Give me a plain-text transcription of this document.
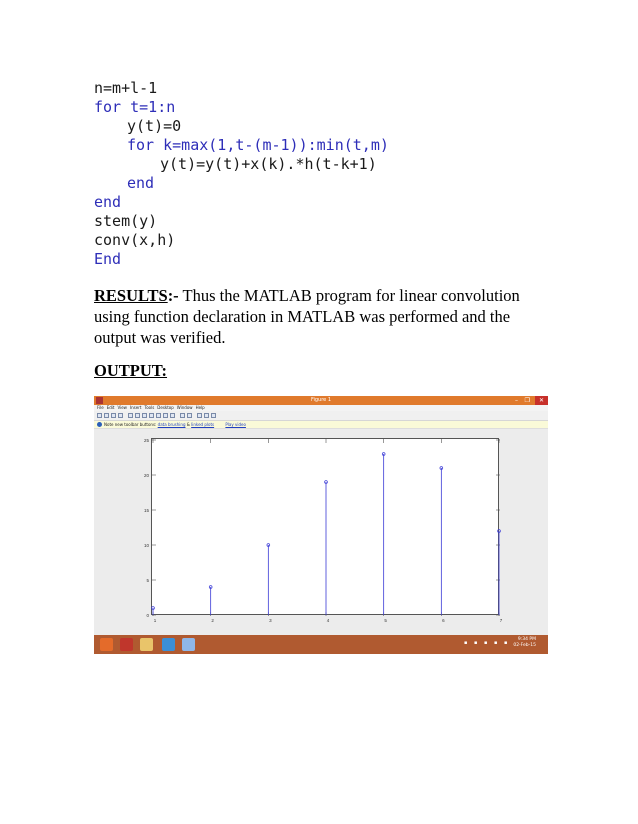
n=m+l-1
for t=1:n
y(t)=0
for k=max(1,t-(m-1)):min(t,m)
y(t)=y(t)+x(k).*h(t-k+1)
end
end
stem(y)
conv(x,h)
End
RESULTS:- Thus the MATLAB program for linear convolution using function declaration in MATLAB was performed and the output was verified.
OUTPUT:
Figure 1	– ❐	✕
File Edit View Insert Tools Desktop Window Help
Note new toolbar buttons: data brushing & linked plots	Play video
0
5
10
15
20
25
1	2	3	4	5	6	7
9:34 PM
02-Feb-15
▪ ▪ ▪ ▪ ▪
